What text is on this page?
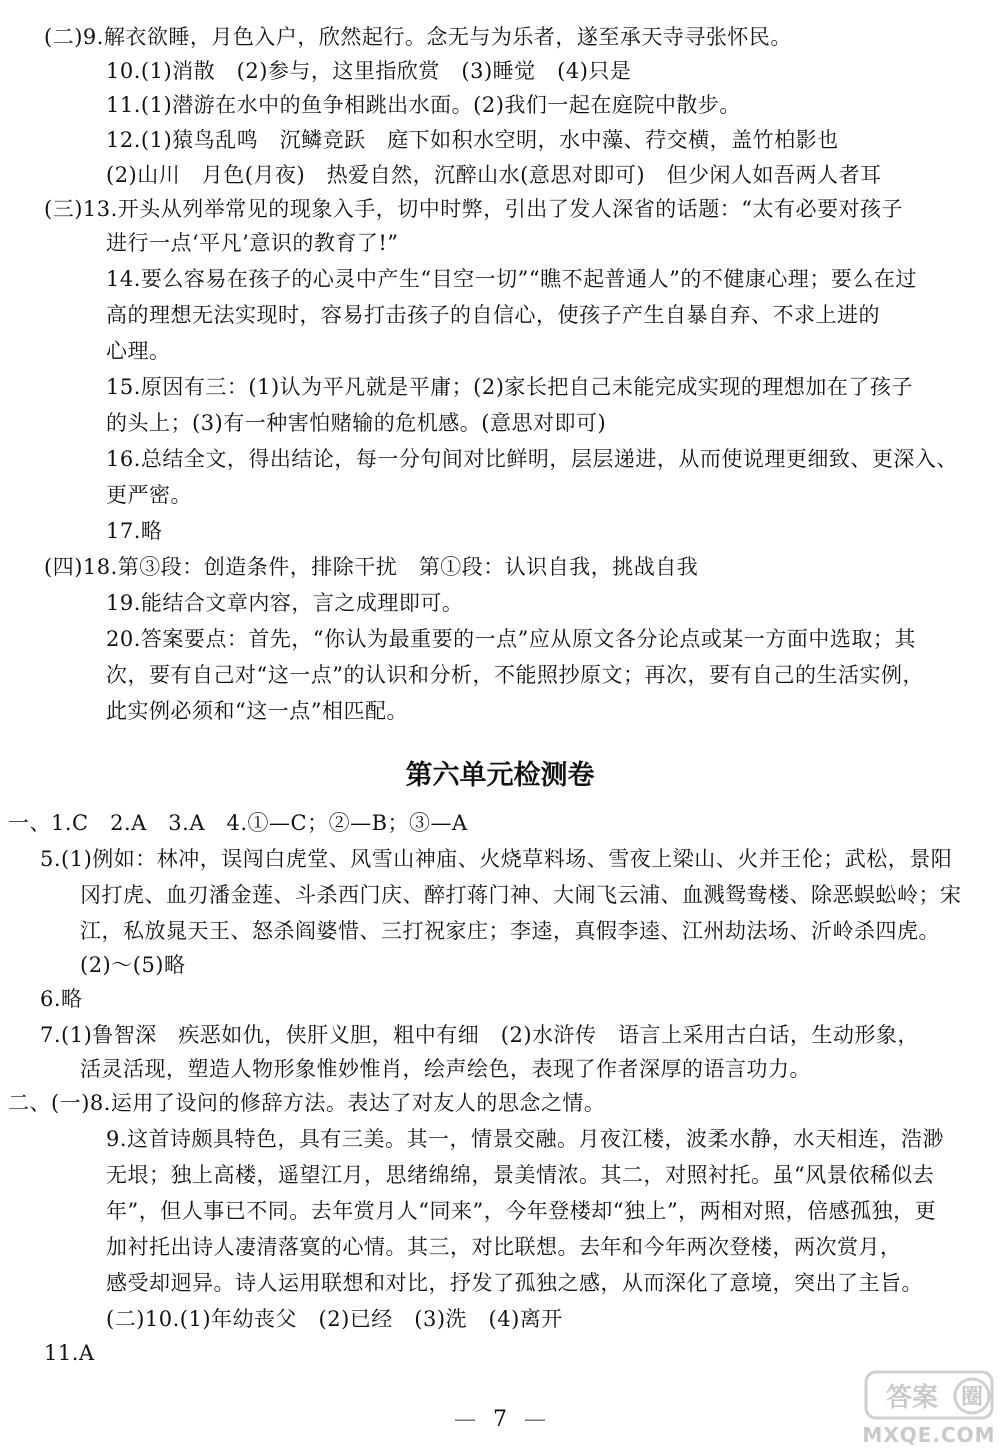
(二)9.解衣欲睡，月色入户，欣然起行。念无与为乐者，遂至承天寺寻张怀民。
10.(1)消散　(2)参与，这里指欣赏　(3)睡觉　(4)只是
11.(1)潜游在水中的鱼争相跳出水面。(2)我们一起在庭院中散步。
12.(1)猿鸟乱鸣　沉鳞竞跃　庭下如积水空明，水中藻、荇交横，盖竹柏影也
(2)山川　月色(月夜)　热爱自然，沉醉山水(意思对即可)　但少闲人如吾两人者耳
(三)13.开头从列举常见的现象入手，切中时弊，引出了发人深省的话题：“太有必要对孩子
进行一点‘平凡’意识的教育了!”
14.要么容易在孩子的心灵中产生“目空一切”“瞧不起普通人”的不健康心理；要么在过
高的理想无法实现时，容易打击孩子的自信心，使孩子产生自暴自弃、不求上进的
心理。
15.原因有三：(1)认为平凡就是平庸；(2)家长把自己未能完成实现的理想加在了孩子
的头上；(3)有一种害怕赌输的危机感。(意思对即可)
16.总结全文，得出结论，每一分句间对比鲜明，层层递进，从而使说理更细致、更深入、
更严密。
17.略
(四)18.第③段：创造条件，排除干扰　第①段：认识自我，挑战自我
19.能结合文章内容，言之成理即可。
20.答案要点：首先，“你认为最重要的一点”应从原文各分论点或某一方面中选取；其
次，要有自己对“这一点”的认识和分析，不能照抄原文；再次，要有自己的生活实例，
此实例必须和“这一点”相匹配。
一、1.C　2.A　3.A　4.①—C；②—B；③—A
5.(1)例如：林冲，误闯白虎堂、风雪山神庙、火烧草料场、雪夜上梁山、火并王伦；武松，景阳
冈打虎、血刃潘金莲、斗杀西门庆、醉打蒋门神、大闹飞云浦、血溅鸳鸯楼、除恶蜈蚣岭；宋
江，私放晁天王、怒杀阎婆惜、三打祝家庄；李逵，真假李逵、江州劫法场、沂岭杀四虎。
(2)～(5)略
6.略
7.(1)鲁智深　疾恶如仇，侠肝义胆，粗中有细　(2)水浒传　语言上采用古白话，生动形象，
活灵活现，塑造人物形象惟妙惟肖，绘声绘色，表现了作者深厚的语言功力。
二、(一)8.运用了设问的修辞方法。表达了对友人的思念之情。
9.这首诗颇具特色，具有三美。其一，情景交融。月夜江楼，波柔水静，水天相连，浩渺
无垠；独上高楼，遥望江月，思绪绵绵，景美情浓。其二，对照衬托。虽“风景依稀似去
年”，但人事已不同。去年赏月人“同来”，今年登楼却“独上”，两相对照，倍感孤独，更
加衬托出诗人凄清落寞的心情。其三，对比联想。去年和今年两次登楼，两次赏月，
感受却迥异。诗人运用联想和对比，抒发了孤独之感，从而深化了意境，突出了主旨。
(二)10.(1)年幼丧父　(2)已经　(3)洗　(4)离开
11.A
第六单元检测卷
— 7 —
答案 圈
MXQE.COM
